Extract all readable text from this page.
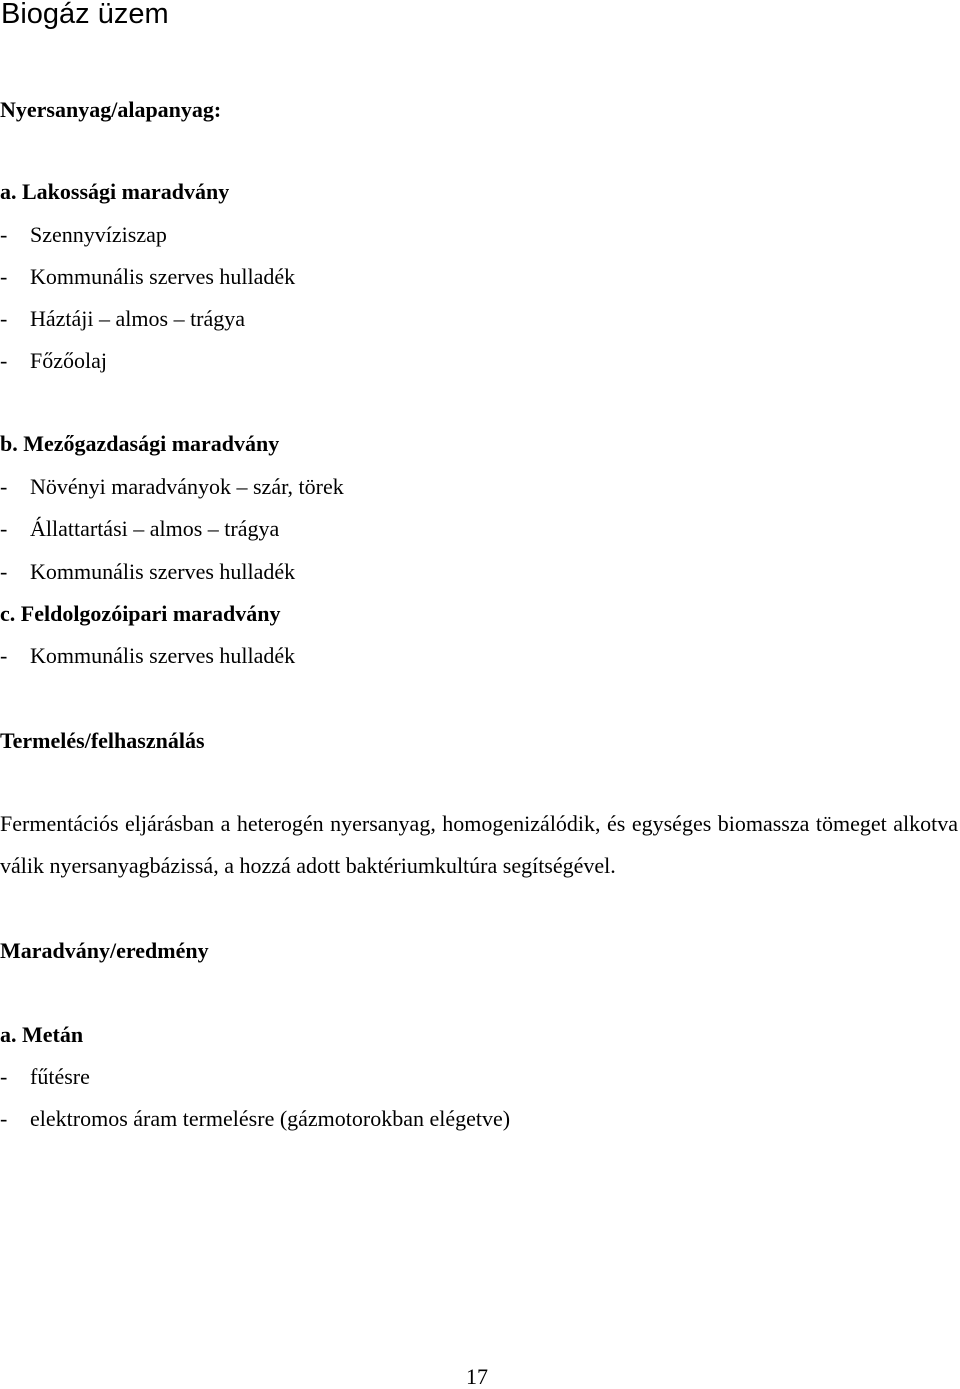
Biogáz üzem
Nyersanyag/alapanyag:
a. Lakossági maradvány
- Szennyvíziszap
- Kommunális szerves hulladék
- Háztáji – almos – trágya
- Főzőolaj
b. Mezőgazdasági maradvány
- Növényi maradványok – szár, törek
- Állattartási – almos – trágya
- Kommunális szerves hulladék
c. Feldolgozóipari maradvány
- Kommunális szerves hulladék
Termelés/felhasználás
Fermentációs eljárásban a heterogén nyersanyag, homogenizálódik, és egységes biomassza tömeget alkotva válik nyersanyagbázissá, a hozzá adott baktériumkultúra segítségével.
Maradvány/eredmény
a. Metán
- fűtésre
- elektromos áram termelésre (gázmotorokban elégetve)
17
